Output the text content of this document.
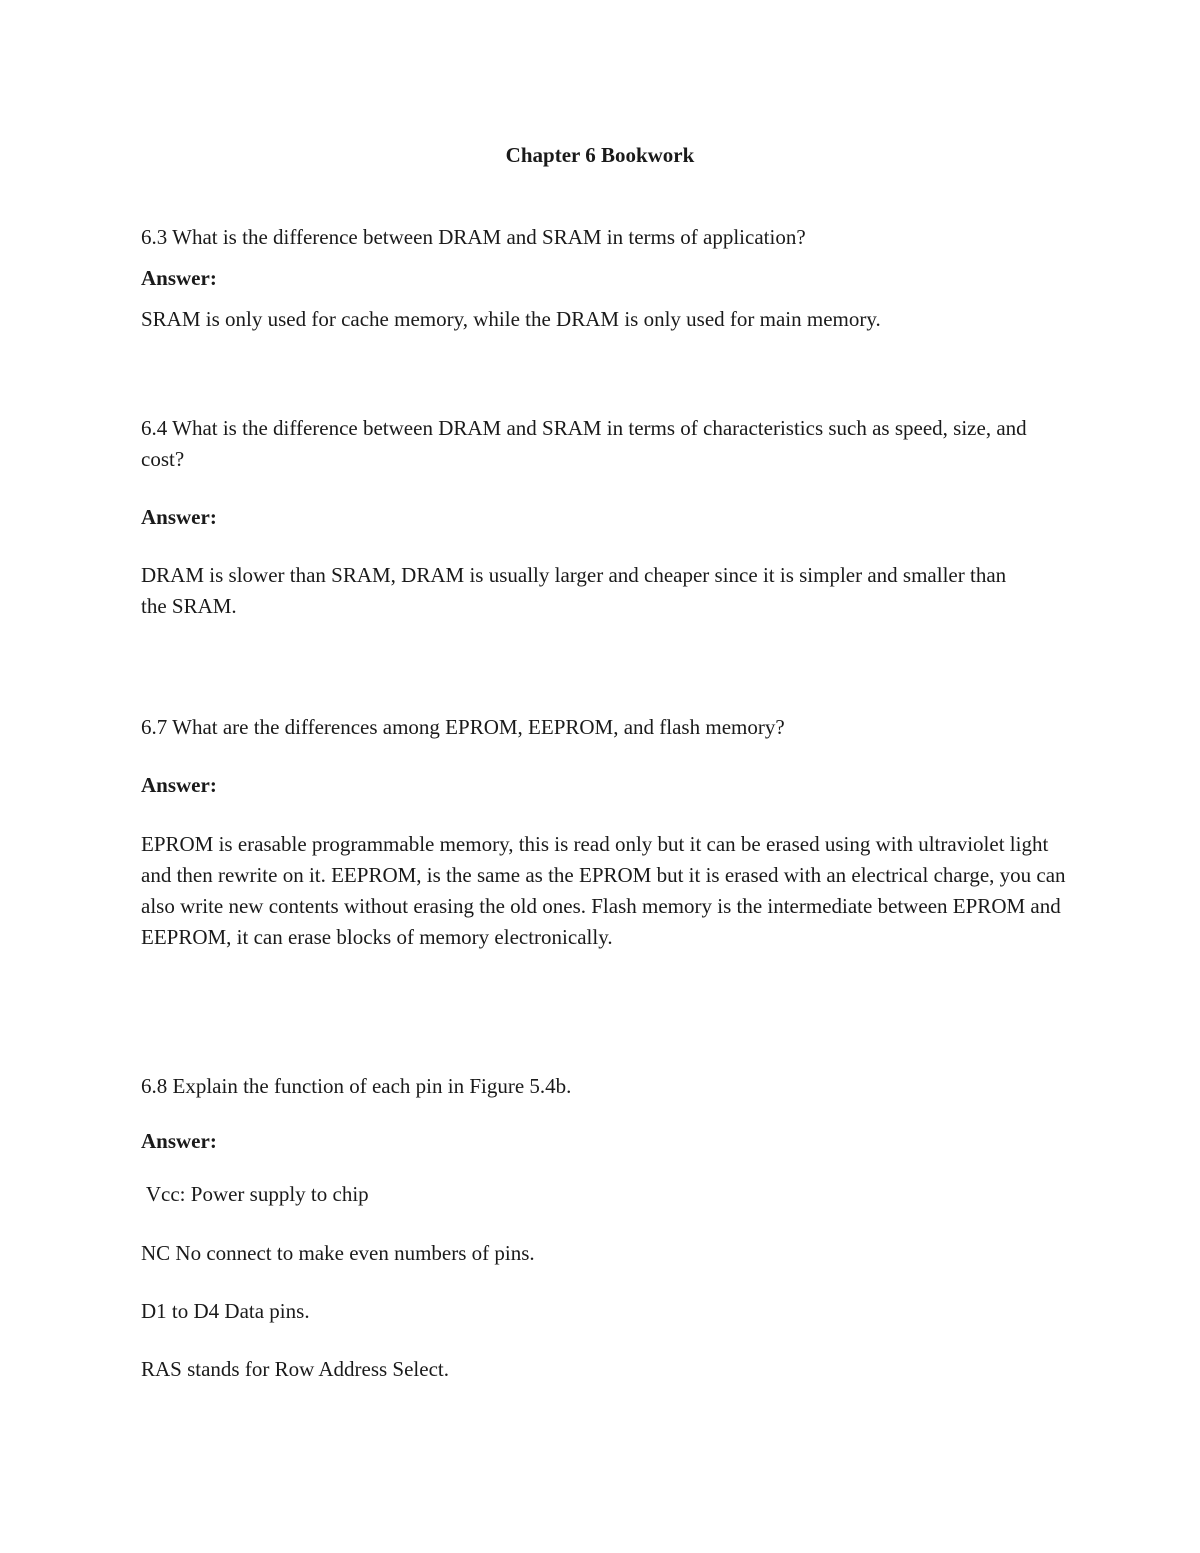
Chapter 6 Bookwork

6.3 What is the difference between DRAM and SRAM in terms of application?

Answer:

SRAM is only used for cache memory, while the DRAM is only used for main memory.

6.4 What is the difference between DRAM and SRAM in terms of characteristics such as speed, size, and cost?

Answer:

DRAM is slower than SRAM, DRAM is usually larger and cheaper since it is simpler and smaller than the SRAM.

6.7 What are the differences among EPROM, EEPROM, and flash memory?

Answer:

EPROM is erasable programmable memory, this is read only but it can be erased using with ultraviolet light and then rewrite on it. EEPROM, is the same as the EPROM but it is erased with an electrical charge, you can also write new contents without erasing the old ones. Flash memory is the intermediate between EPROM and EEPROM, it can erase blocks of memory electronically.

6.8 Explain the function of each pin in Figure 5.4b.

Answer:

Vcc: Power supply to chip

NC No connect to make even numbers of pins.

D1 to D4 Data pins.

RAS stands for Row Address Select.
